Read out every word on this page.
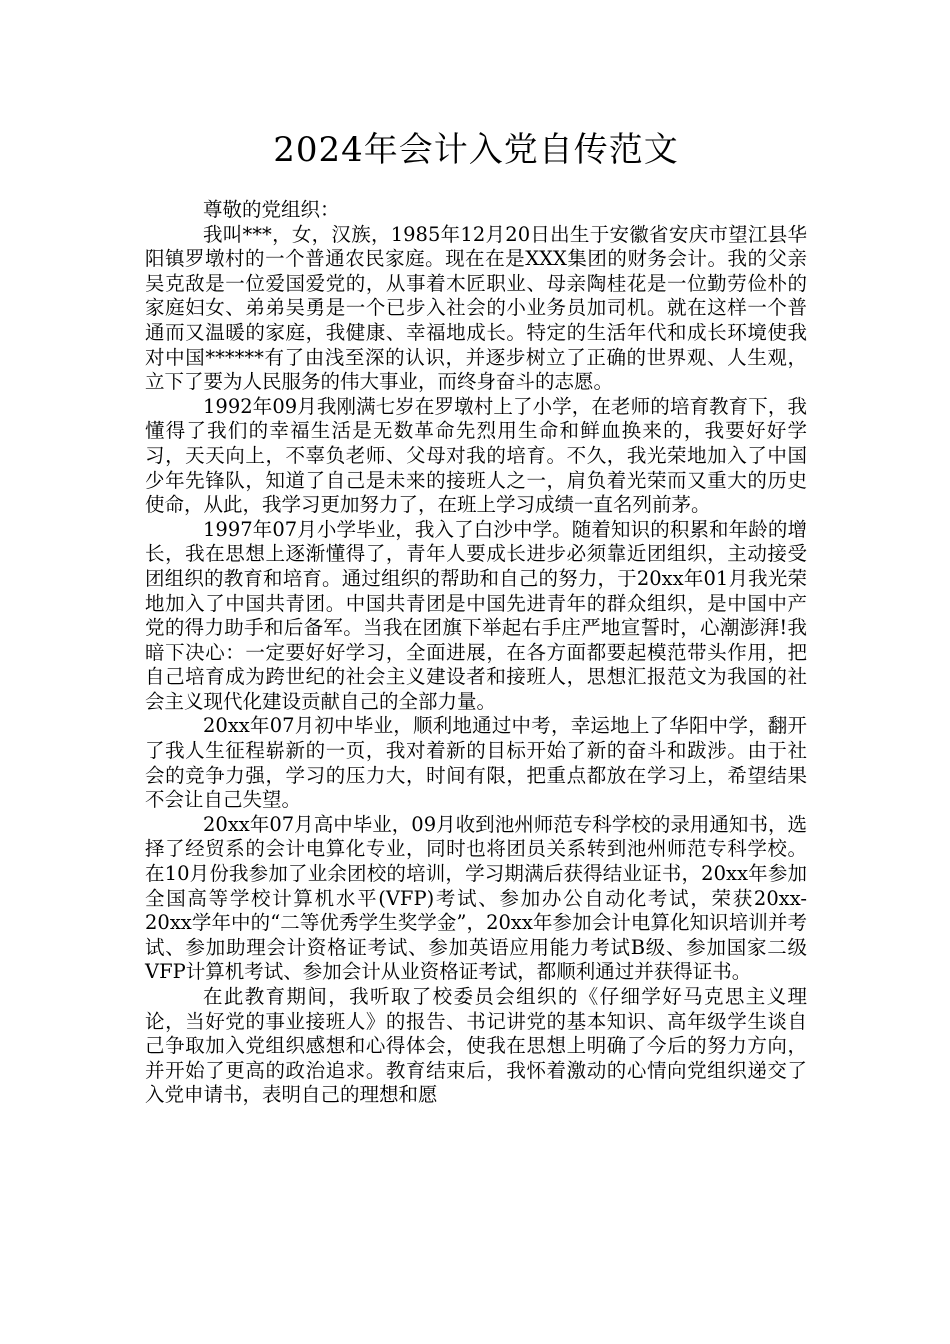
2024年会计入党自传范文

尊敬的党组织：

我叫***，女，汉族，1985年12月20日出生于安徽省安庆市望江县华阳镇罗墩村的一个普通农民家庭。现在在是XXX集团的财务会计。我的父亲吴克敌是一位爱国爱党的，从事着木匠职业、母亲陶桂花是一位勤劳俭朴的家庭妇女、弟弟吴勇是一个已步入社会的小业务员加司机。就在这样一个普通而又温暖的家庭，我健康、幸福地成长。特定的生活年代和成长环境使我对中国******有了由浅至深的认识，并逐步树立了正确的世界观、人生观，立下了要为人民服务的伟大事业，而终身奋斗的志愿。

1992年09月我刚满七岁在罗墩村上了小学，在老师的培育教育下，我懂得了我们的幸福生活是无数革命先烈用生命和鲜血换来的，我要好好学习，天天向上，不辜负老师、父母对我的培育。不久，我光荣地加入了中国少年先锋队，知道了自己是未来的接班人之一，肩负着光荣而又重大的历史使命，从此，我学习更加努力了，在班上学习成绩一直名列前茅。

1997年07月小学毕业，我入了白沙中学。随着知识的积累和年龄的增长，我在思想上逐渐懂得了，青年人要成长进步必须靠近团组织，主动接受团组织的教育和培育。通过组织的帮助和自己的努力，于20xx年01月我光荣地加入了中国共青团。中国共青团是中国先进青年的群众组织，是中国中产党的得力助手和后备军。当我在团旗下举起右手庄严地宣誓时，心潮澎湃!我暗下决心：一定要好好学习，全面进展，在各方面都要起模范带头作用，把自己培育成为跨世纪的社会主义建设者和接班人，思想汇报范文为我国的社会主义现代化建设贡献自己的全部力量。

20xx年07月初中毕业，顺利地通过中考，幸运地上了华阳中学，翻开了我人生征程崭新的一页，我对着新的目标开始了新的奋斗和跋涉。由于社会的竞争力强，学习的压力大，时间有限，把重点都放在学习上，希望结果不会让自己失望。

20xx年07月高中毕业，09月收到池州师范专科学校的录用通知书，选择了经贸系的会计电算化专业，同时也将团员关系转到池州师范专科学校。在10月份我参加了业余团校的培训，学习期满后获得结业证书，20xx年参加全国高等学校计算机水平(VFP)考试、参加办公自动化考试，荣获20xx-20xx学年中的“二等优秀学生奖学金”，20xx年参加会计电算化知识培训并考试、参加助理会计资格证考试、参加英语应用能力考试B级、参加国家二级VFP计算机考试、参加会计从业资格证考试，都顺利通过并获得证书。

在此教育期间，我听取了校委员会组织的《仔细学好马克思主义理论，当好党的事业接班人》的报告、书记讲党的基本知识、高年级学生谈自己争取加入党组织感想和心得体会，使我在思想上明确了今后的努力方向，并开始了更高的政治追求。教育结束后，我怀着激动的心情向党组织递交了入党申请书，表明自己的理想和愿
